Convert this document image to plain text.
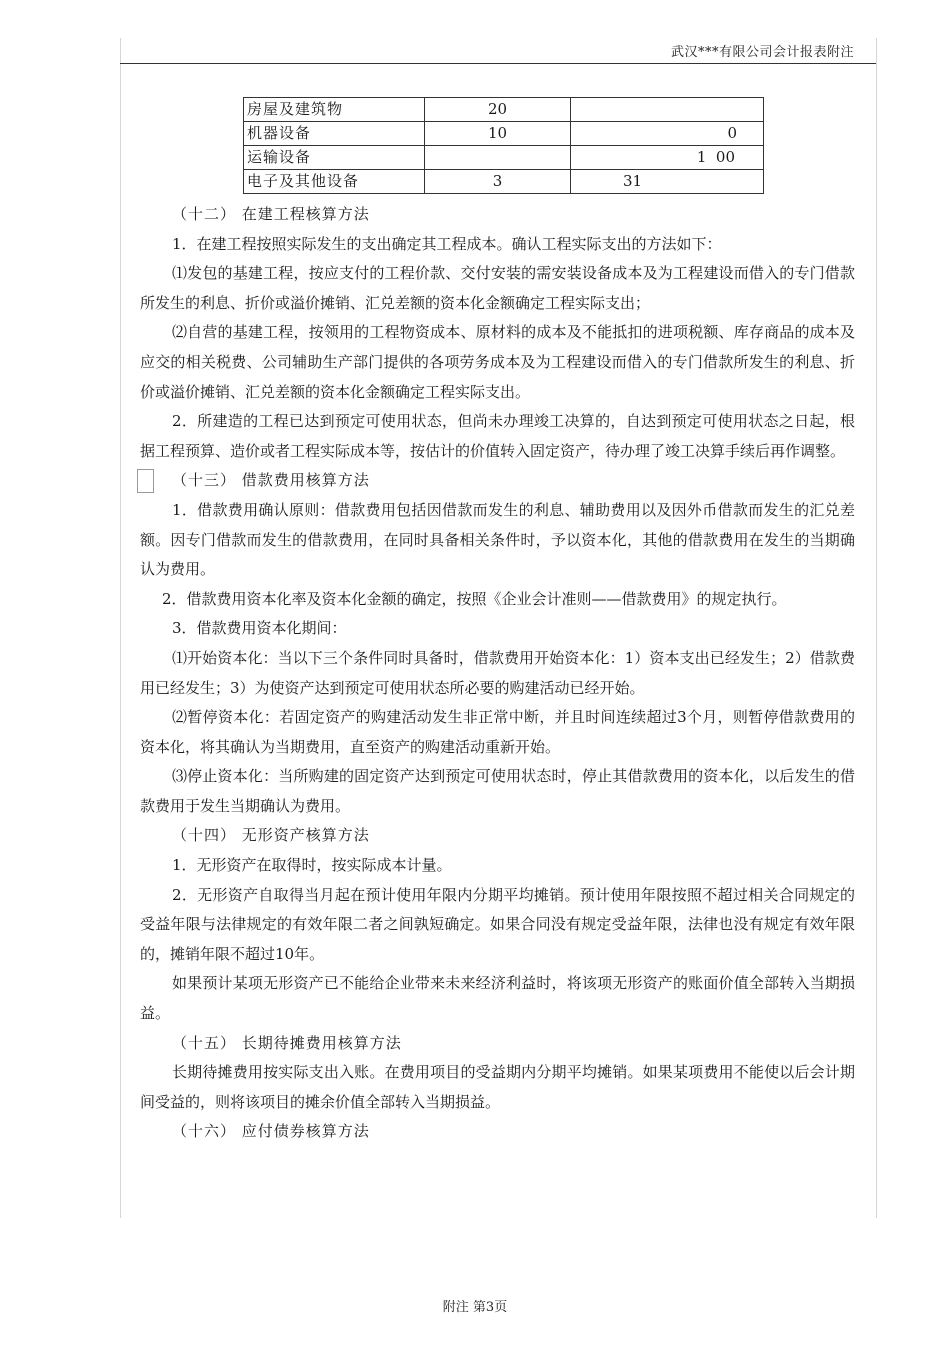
武汉***有限公司会计报表附注
房屋及建筑物	20	
机器设备	10	0
运输设备		1  00
电子及其他设备	3	31

（十二） 在建工程核算方法

1．在建工程按照实际发生的支出确定其工程成本。确认工程实际支出的方法如下：

⑴发包的基建工程，按应支付的工程价款、交付安装的需安装设备成本及为工程建设而借入的专门借款所发生的利息、折价或溢价摊销、汇兑差额的资本化金额确定工程实际支出；

⑵自营的基建工程，按领用的工程物资成本、原材料的成本及不能抵扣的进项税额、库存商品的成本及应交的相关税费、公司辅助生产部门提供的各项劳务成本及为工程建设而借入的专门借款所发生的利息、折价或溢价摊销、汇兑差额的资本化金额确定工程实际支出。

2．所建造的工程已达到预定可使用状态，但尚未办理竣工决算的，自达到预定可使用状态之日起，根据工程预算、造价或者工程实际成本等，按估计的价值转入固定资产，待办理了竣工决算手续后再作调整。

（十三） 借款费用核算方法

1．借款费用确认原则：借款费用包括因借款而发生的利息、辅助费用以及因外币借款而发生的汇兑差额。因专门借款而发生的借款费用，在同时具备相关条件时，予以资本化，其他的借款费用在发生的当期确认为费用。

2．借款费用资本化率及资本化金额的确定，按照《企业会计准则——借款费用》的规定执行。

3．借款费用资本化期间：

⑴开始资本化：当以下三个条件同时具备时，借款费用开始资本化：1）资本支出已经发生；2）借款费用已经发生；3）为使资产达到预定可使用状态所必要的购建活动已经开始。

⑵暂停资本化：若固定资产的购建活动发生非正常中断，并且时间连续超过3个月，则暂停借款费用的资本化，将其确认为当期费用，直至资产的购建活动重新开始。

⑶停止资本化：当所购建的固定资产达到预定可使用状态时，停止其借款费用的资本化，以后发生的借款费用于发生当期确认为费用。

（十四） 无形资产核算方法

1．无形资产在取得时，按实际成本计量。

2．无形资产自取得当月起在预计使用年限内分期平均摊销。预计使用年限按照不超过相关合同规定的受益年限与法律规定的有效年限二者之间孰短确定。如果合同没有规定受益年限，法律也没有规定有效年限的，摊销年限不超过10年。

如果预计某项无形资产已不能给企业带来未来经济利益时，将该项无形资产的账面价值全部转入当期损益。

（十五） 长期待摊费用核算方法

长期待摊费用按实际支出入账。在费用项目的受益期内分期平均摊销。如果某项费用不能使以后会计期间受益的，则将该项目的摊余价值全部转入当期损益。

（十六） 应付债券核算方法

附注 第3页
